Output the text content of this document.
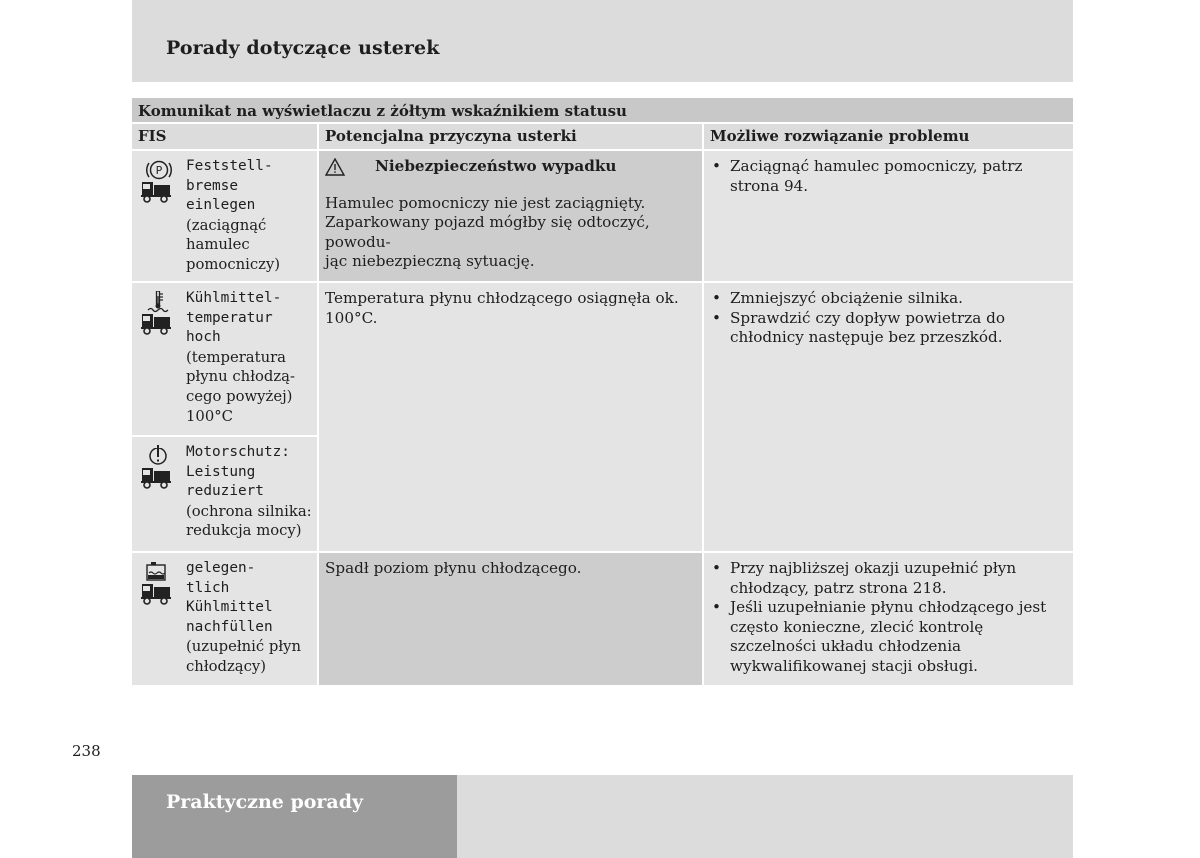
Porady dotyczące usterek
Komunikat na wyświetlaczu z żółtym wskaźnikiem statusu
FIS	Potencjalna przyczyna usterki	Możliwe rozwiązanie problemu
P Feststell-
bremse
einlegen
(zaciągnąć
hamulec
pomocniczy)
Niebezpieczeństwo wypadku
Hamulec pomocniczy nie jest zaciągnięty.
Zaparkowany pojazd mógłby się odtoczyć, powodu-
jąc niebezpieczną sytuację.
• Zaciągnąć hamulec pomocniczy, patrz strona 94.
Kühlmittel-
temperatur
hoch
(temperatura
płynu chłodzą-
cego powyżej)
100°C
Temperatura płynu chłodzącego osiągnęła ok. 100°C.
• Zmniejszyć obciążenie silnika.
• Sprawdzić czy dopływ powietrza do chłodnicy następuje bez przeszkód.
Motorschutz:
Leistung
reduziert
(ochrona silnika:
redukcja mocy)
gelegen-
tlich
Kühlmittel
nachfüllen
(uzupełnić płyn
chłodzący)
Spadł poziom płynu chłodzącego.
•	Przy najbliższej okazji uzupełnić płyn chłodzący, patrz strona 218.
• Jeśli uzupełnianie płynu chłodzącego jest często konieczne, zlecić kontrolę szczelności układu chłodzenia wykwalifikowanej stacji obsługi.
238
Praktyczne porady
